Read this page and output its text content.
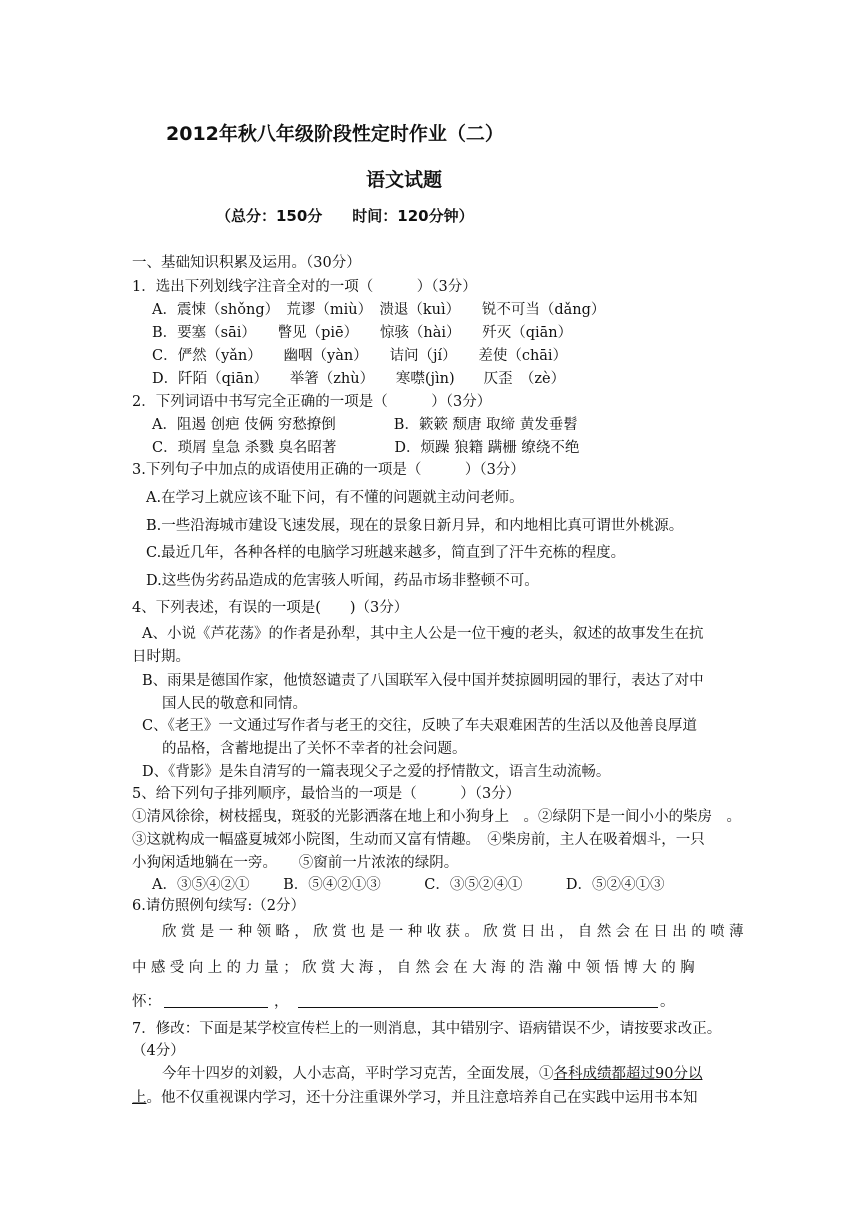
2012年秋八年级阶段性定时作业（二）
语文试题
（总分：150分　　时间：120分钟）
一、基础知识积累及运用。（30分）
1．选出下列划线字注音全对的一项（　　　）（3分）
A．震悚（shǒng）　荒谬（miù）　溃退（kuì）　　锐不可当（dǎng）
B．要塞（sāi）　　瞥见（piē）　　惊骇（hài）　　歼灭（qiān）
C．俨然（yǎn）　　幽咽（yàn）　　诘问（jí）　　差使（chāi）
D．阡陌（qiān）　　举箸（zhù）　　寒噤(jìn)　　仄歪　（zè）
2．下列词语中书写完全正确的一项是（　　　）（3分）
A．阻遏 创疤 伎俩 穷愁撩倒　　　　B．簌簌 颓唐 取缔 黄发垂髫
C．琐屑 皇急 杀戮 臭名昭著　　　　D．烦躁 狼籍 蹒栅 缭绕不绝
3.下列句子中加点的成语使用正确的一项是（　　　）（3分）
A.在学习上就应该不耻下问，有不懂的问题就主动问老师。
B.一些沿海城市建设飞速发展，现在的景象日新月异，和内地相比真可谓世外桃源。
C.最近几年，各种各样的电脑学习班越来越多，简直到了汗牛充栋的程度。
D.这些伪劣药品造成的危害骇人听闻，药品市场非整顿不可。
4、下列表述，有误的一项是(　　)（3分）
A、小说《芦花荡》的作者是孙犁，其中主人公是一位干瘦的老头，叙述的故事发生在抗
日时期。
B、雨果是德国作家，他愤怒谴责了八国联军入侵中国并焚掠圆明园的罪行，表达了对中
国人民的敬意和同情。
C、《老王》一文通过写作者与老王的交往，反映了车夫艰难困苦的生活以及他善良厚道
的品格，含蓄地提出了关怀不幸者的社会问题。
D、《背影》是朱自清写的一篇表现父子之爱的抒情散文，语言生动流畅。
5、给下列句子排列顺序，最恰当的一项是（　　　）（3分）
①清风徐徐，树枝摇曳，斑驳的光影洒落在地上和小狗身上　。②绿阴下是一间小小的柴房　。
③这就构成一幅盛夏城郊小院图，生动而又富有情趣。　④柴房前，主人在吸着烟斗，一只
小狗闲适地躺在一旁。　　⑤窗前一片浓浓的绿阴。
A．③⑤④②①　　 B．⑤④②①③　　　C．③⑤②④①　　　D．⑤②④①③
6.请仿照例句续写:（2分）
欣赏是一种领略，欣赏也是一种收获。欣赏日出，自然会在日出的喷薄
中感受向上的力量；欣赏大海，自然会在大海的浩瀚中领悟博大的胸
怀：	，	。
7．修改：下面是某学校宣传栏上的一则消息，其中错别字、语病错误不少，请按要求改正。
（4分）
今年十四岁的刘毅，人小志高，平时学习克苦，全面发展，①各科成绩都超过90分以
上。他不仅重视课内学习，还十分注重课外学习，并且注意培养自己在实践中运用书本知
